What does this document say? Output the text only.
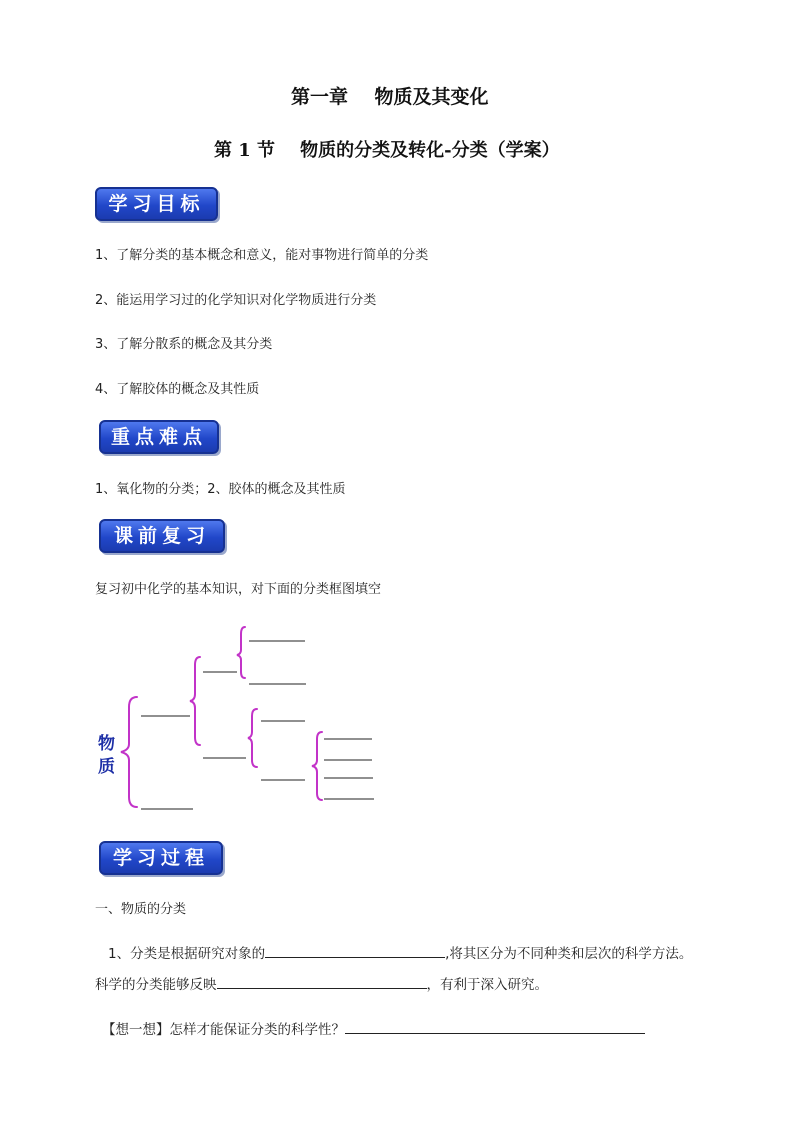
第一章    物质及其变化
第 1 节    物质的分类及转化-分类（学案）
学习目标
1、了解分类的基本概念和意义，能对事物进行简单的分类
2、能运用学习过的化学知识对化学物质进行分类
3、了解分散系的概念及其分类
4、了解胶体的概念及其性质
重点难点
1、氧化物的分类；2、胶体的概念及其性质
课前复习
复习初中化学的基本知识，对下面的分类框图填空
物
质
学习过程
一、物质的分类
1、分类是根据研究对象的	,将其区分为不同种类和层次的科学方法。
科学的分类能够反映	，有利于深入研究。
【想一想】怎样才能保证分类的科学性？
